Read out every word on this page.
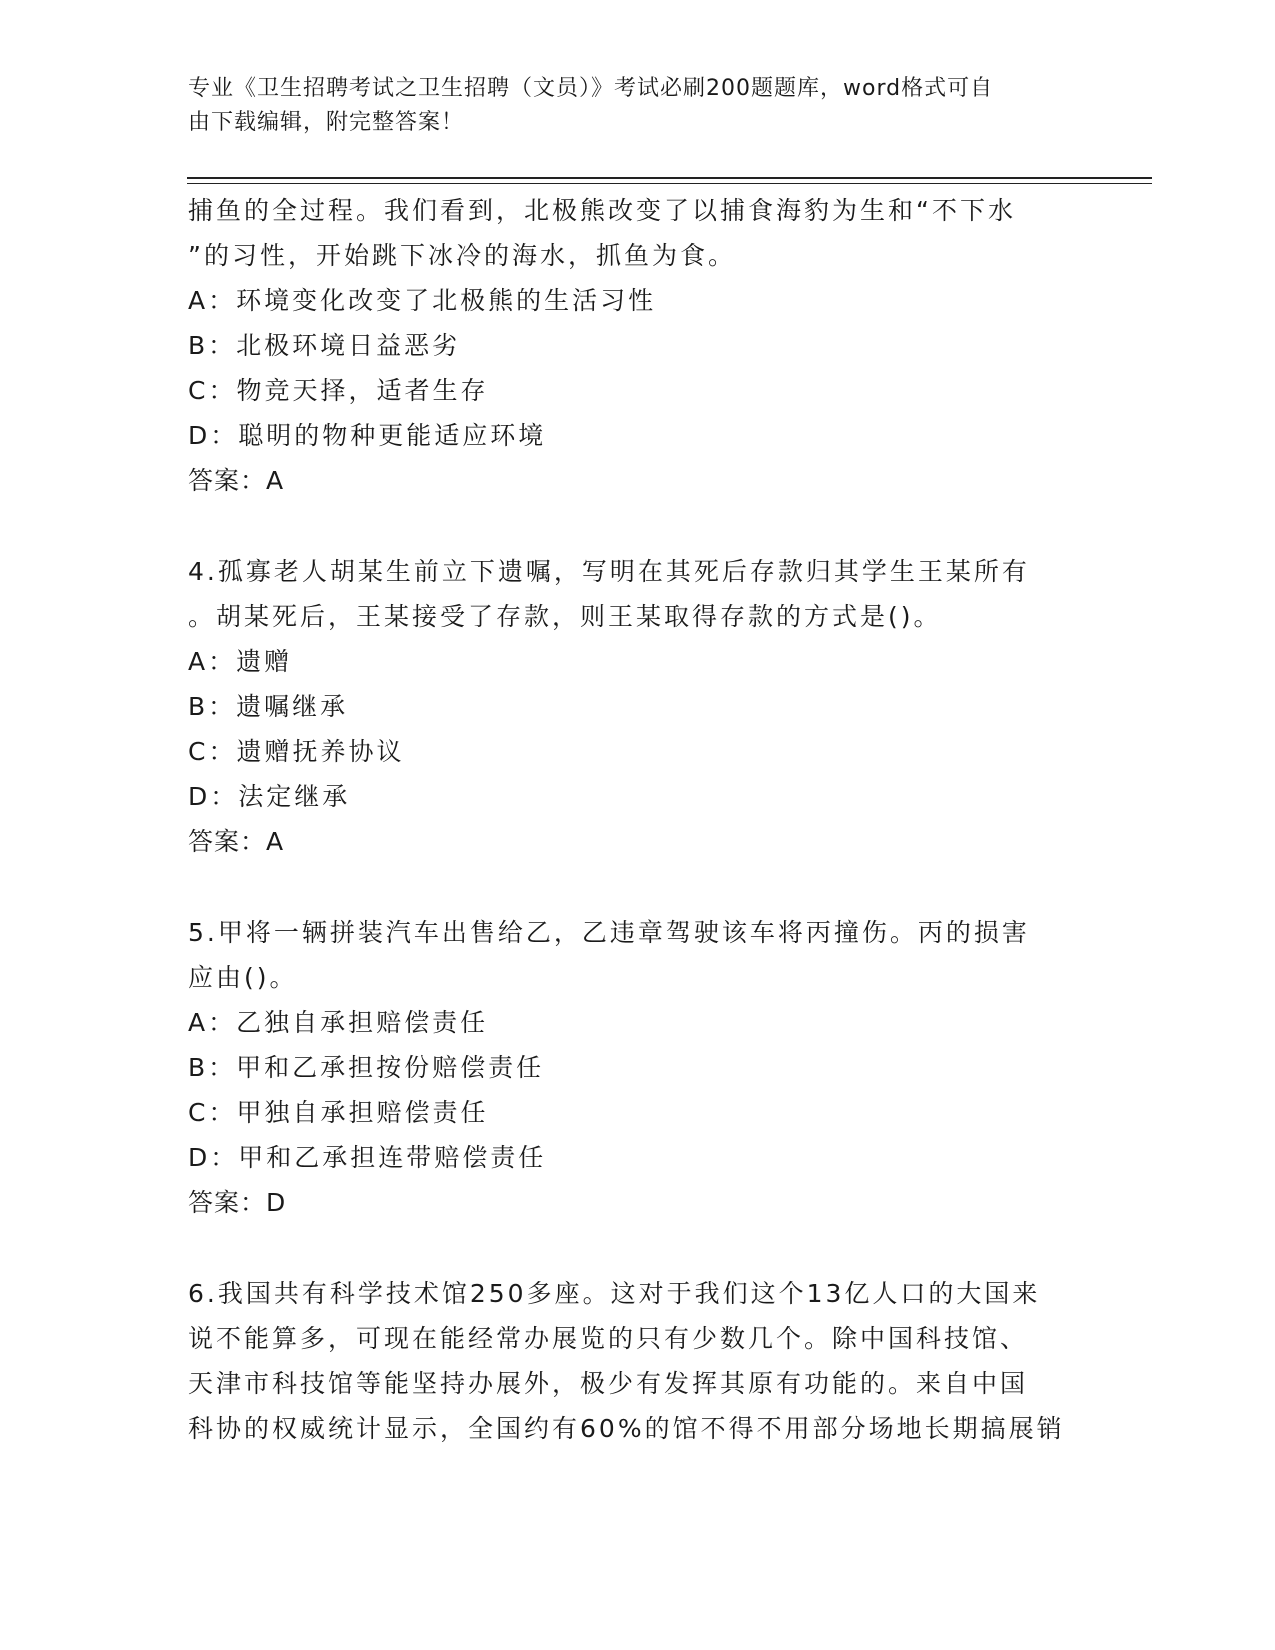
专业《卫生招聘考试之卫生招聘（文员）》考试必刷200题题库，word格式可自
由下载编辑，附完整答案！
捕鱼的全过程。我们看到，北极熊改变了以捕食海豹为生和“不下水
”的习性，开始跳下冰冷的海水，抓鱼为食。
A：环境变化改变了北极熊的生活习性
B：北极环境日益恶劣
C：物竞天择，适者生存
D：聪明的物种更能适应环境
答案：A
4.孤寡老人胡某生前立下遗嘱，写明在其死后存款归其学生王某所有
。胡某死后，王某接受了存款，则王某取得存款的方式是()。
A：遗赠
B：遗嘱继承
C：遗赠抚养协议
D：法定继承
答案：A
5.甲将一辆拼装汽车出售给乙，乙违章驾驶该车将丙撞伤。丙的损害
应由()。
A：乙独自承担赔偿责任
B：甲和乙承担按份赔偿责任
C：甲独自承担赔偿责任
D：甲和乙承担连带赔偿责任
答案：D
6.我国共有科学技术馆250多座。这对于我们这个13亿人口的大国来
说不能算多，可现在能经常办展览的只有少数几个。除中国科技馆、
天津市科技馆等能坚持办展外，极少有发挥其原有功能的。来自中国
科协的权威统计显示，全国约有60%的馆不得不用部分场地长期搞展销
